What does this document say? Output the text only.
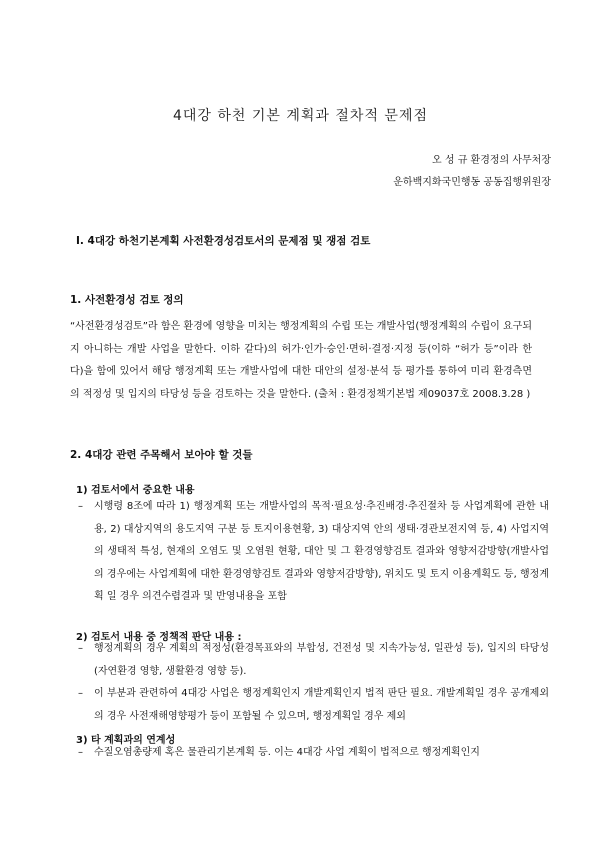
4대강 하천 기본 계획과 절차적 문제점
오 성 규 환경정의 사무처장
운하백지화국민행동 공동집행위원장
Ⅰ. 4대강 하천기본계획 사전환경성검토서의 문제점 및 쟁점 검토
1. 사전환경성 검토 정의

“사전환경성검토”라 함은 환경에 영향을 미치는 행정계획의 수립 또는 개발사업(행정계획의 수립이 요구되지 아니하는 개발 사업을 말한다. 이하 같다)의 허가·인가·승인·면허·결정·지정 등(이하 “허가 등”이라 한다)을 함에 있어서 해당 행정계획 또는 개발사업에 대한 대안의 설정·분석 등 평가를 통하여 미리 환경측면의 적정성 및 입지의 타당성 등을 검토하는 것을 말한다. (출처 : 환경정책기본법 제09037호 2008.3.28 )

2. 4대강 관련 주목해서 보아야 할 것들
1) 검토서에서 중요한 내용

– 시행령 8조에 따라 1) 행정계획 또는 개발사업의 목적·필요성·추진배경·추진절차 등 사업계획에 관한 내용, 2) 대상지역의 용도지역 구분 등 토지이용현황, 3) 대상지역 안의 생태·경관보전지역 등, 4) 사업지역의 생태적 특성, 현재의 오염도 및 오염원 현황, 대안 및 그 환경영향검토 결과와 영향저감방향(개발사업의 경우에는 사업계획에 대한 환경영향검토 결과와 영향저감방향), 위치도 및 토지 이용계획도 등, 행정계획 일 경우 의견수렴결과 및 반영내용을 포함

2) 검토서 내용 중 정책적 판단 내용 :

– 행정계획의 경우 계획의 적정성(환경목표와의 부합성, 건전성 및 지속가능성, 일관성 등), 입지의 타당성(자연환경 영향, 생활환경 영향 등).

– 이 부분과 관련하여 4대강 사업은 행정계획인지 개발계획인지 법적 판단 필요. 개발계획일 경우 공개제외의 경우 사전재해영향평가 등이 포함될 수 있으며, 행정계획일 경우 제외

3) 타 계획과의 연계성

– 수질오염총량제 혹은 물관리기본계획 등. 이는 4대강 사업 계획이 법적으로 행정계획인지
